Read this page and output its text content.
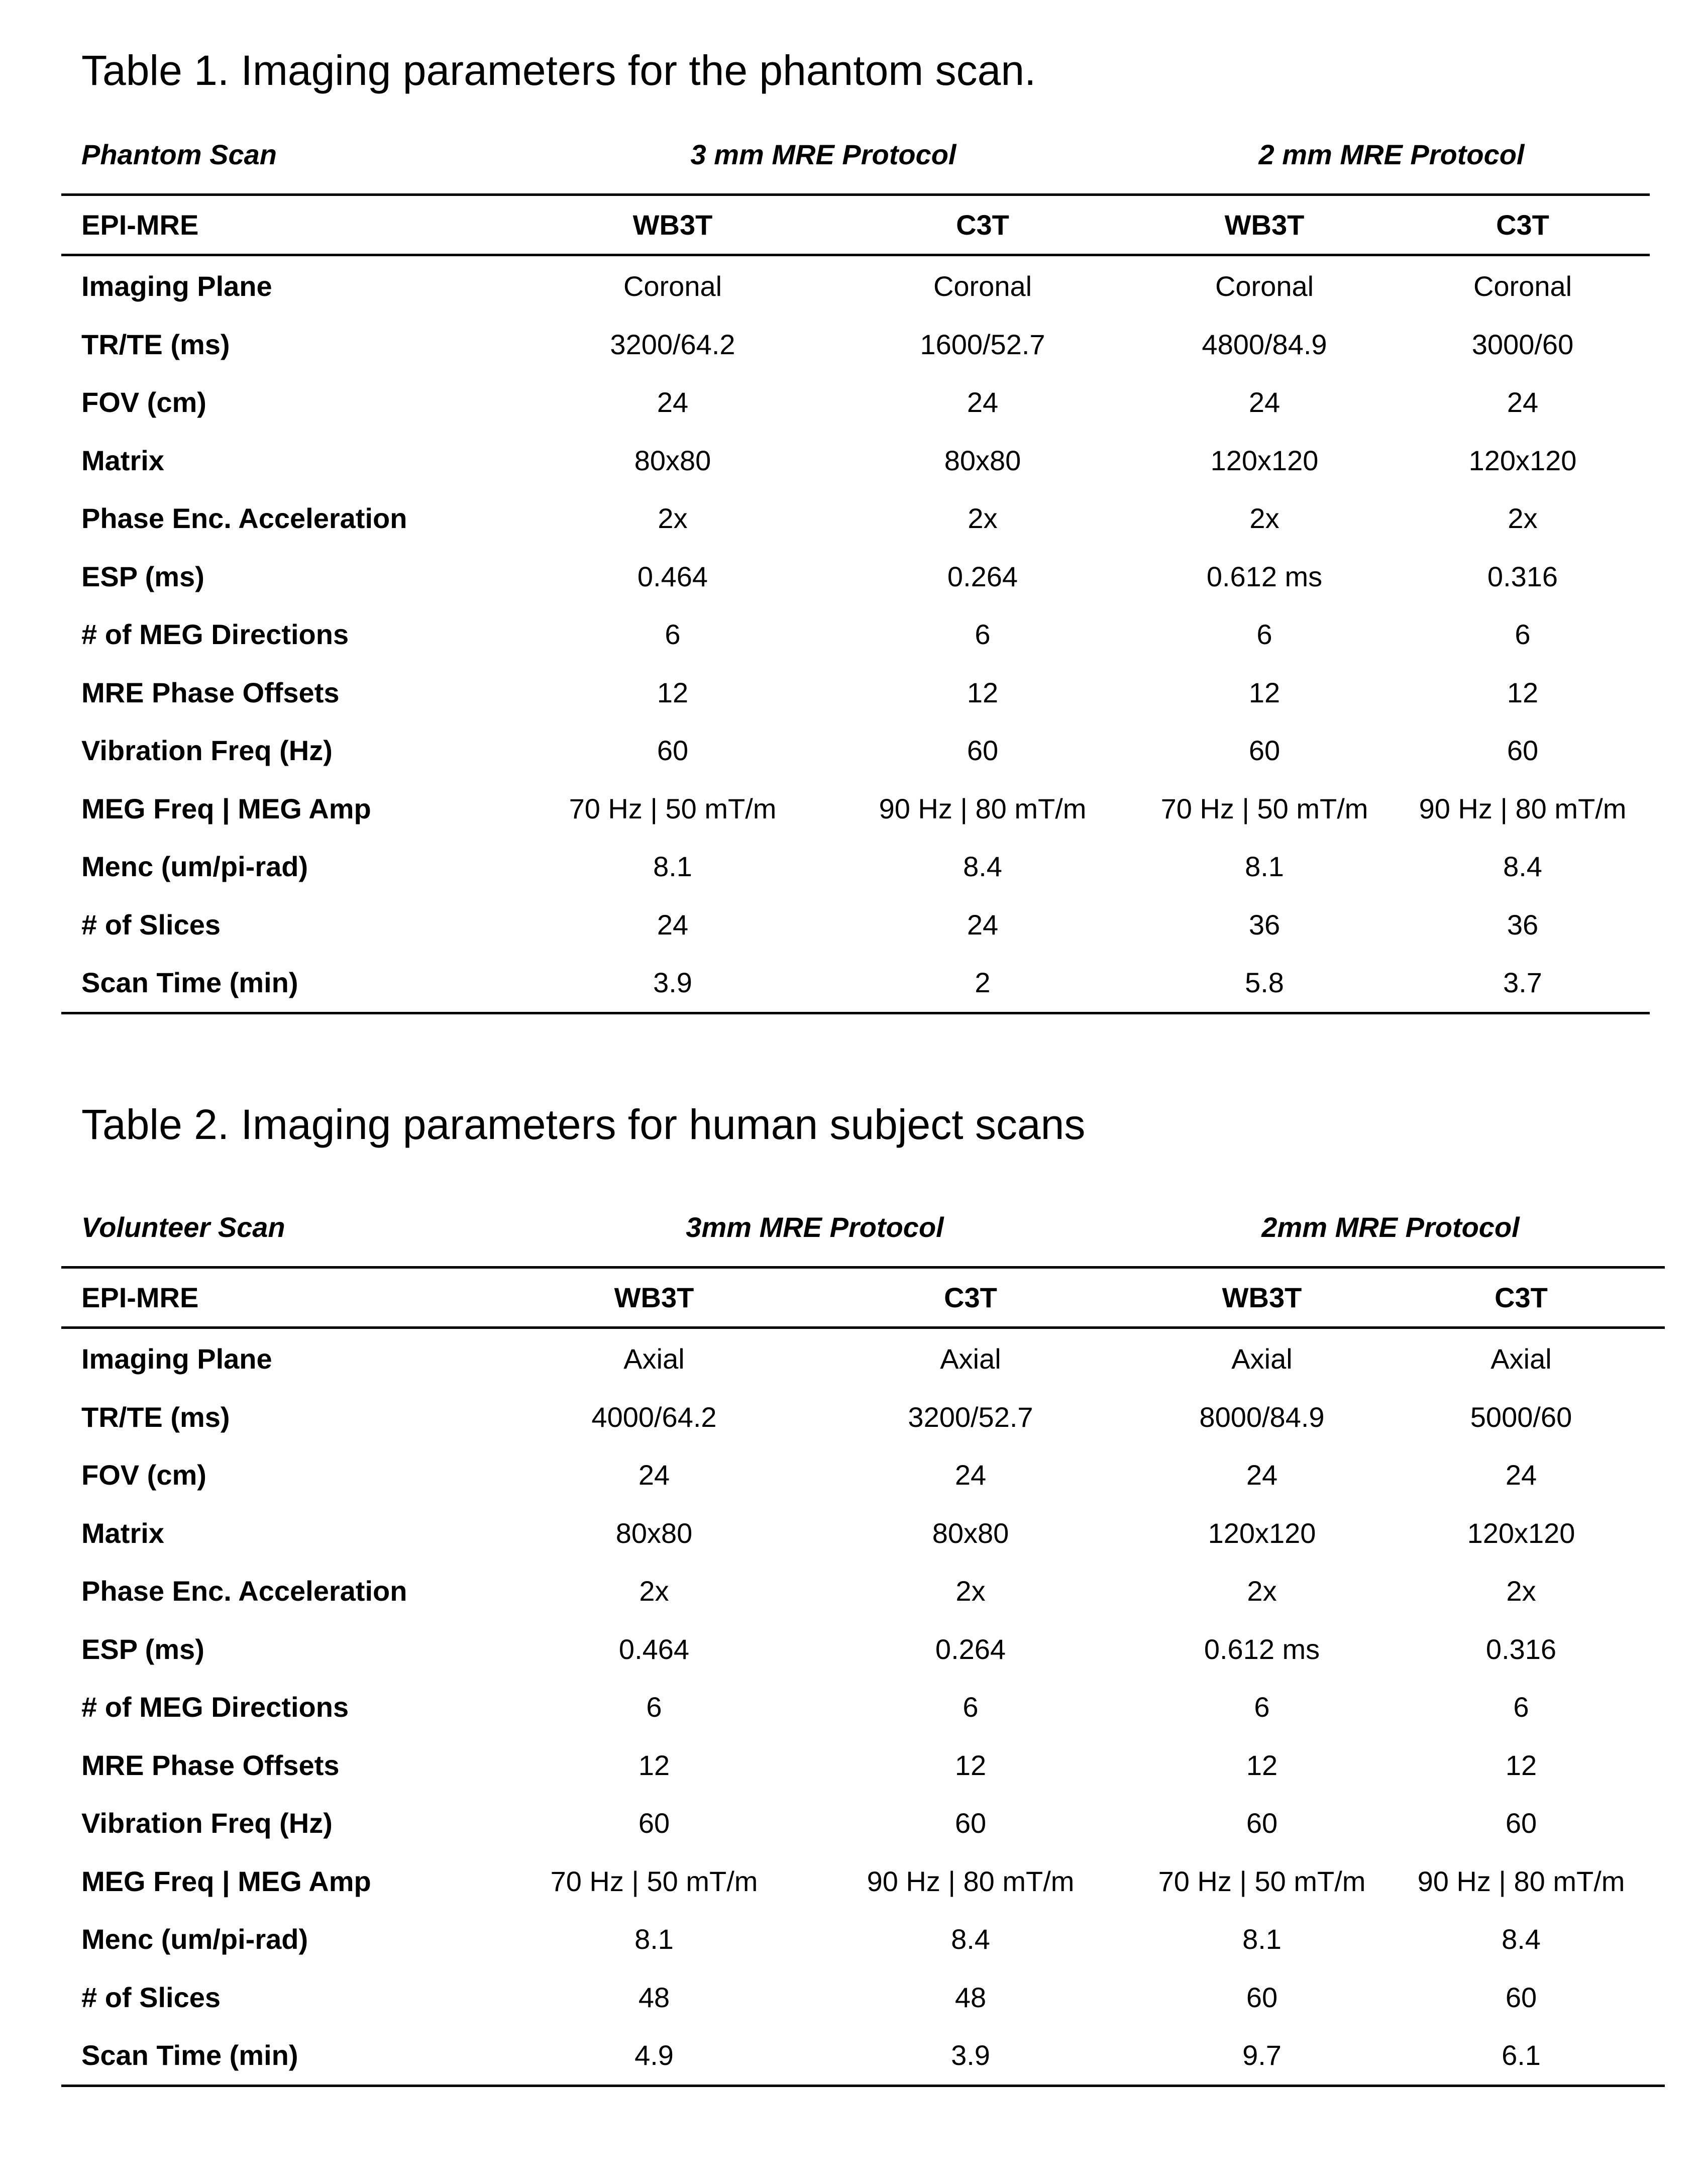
Table 1. Imaging parameters for the phantom scan.
Phantom Scan	3 mm MRE Protocol	2 mm MRE Protocol
EPI-MRE	WB3T	C3T	WB3T	C3T
Imaging Plane	Coronal	Coronal	Coronal	Coronal
TR/TE (ms)	3200/64.2	1600/52.7	4800/84.9	3000/60
FOV (cm)	24	24	24	24
Matrix	80x80	80x80	120x120	120x120
Phase Enc. Acceleration	2x	2x	2x	2x
ESP (ms)	0.464	0.264	0.612 ms	0.316
# of MEG Directions	6	6	6	6
MRE Phase Offsets	12	12	12	12
Vibration Freq (Hz)	60	60	60	60
MEG Freq | MEG Amp	70 Hz | 50 mT/m	90 Hz | 80 mT/m	70 Hz | 50 mT/m	90 Hz | 80 mT/m
Menc (um/pi-rad)	8.1	8.4	8.1	8.4
# of Slices	24	24	36	36
Scan Time (min)	3.9	2	5.8	3.7
Table 2. Imaging parameters for human subject scans
Volunteer Scan	3mm MRE Protocol	2mm MRE Protocol
EPI-MRE	WB3T	C3T	WB3T	C3T
Imaging Plane	Axial	Axial	Axial	Axial
TR/TE (ms)	4000/64.2	3200/52.7	8000/84.9	5000/60
FOV (cm)	24	24	24	24
Matrix	80x80	80x80	120x120	120x120
Phase Enc. Acceleration	2x	2x	2x	2x
ESP (ms)	0.464	0.264	0.612 ms	0.316
# of MEG Directions	6	6	6	6
MRE Phase Offsets	12	12	12	12
Vibration Freq (Hz)	60	60	60	60
MEG Freq | MEG Amp	70 Hz | 50 mT/m	90 Hz | 80 mT/m	70 Hz | 50 mT/m	90 Hz | 80 mT/m
Menc (um/pi-rad)	8.1	8.4	8.1	8.4
# of Slices	48	48	60	60
Scan Time (min)	4.9	3.9	9.7	6.1
